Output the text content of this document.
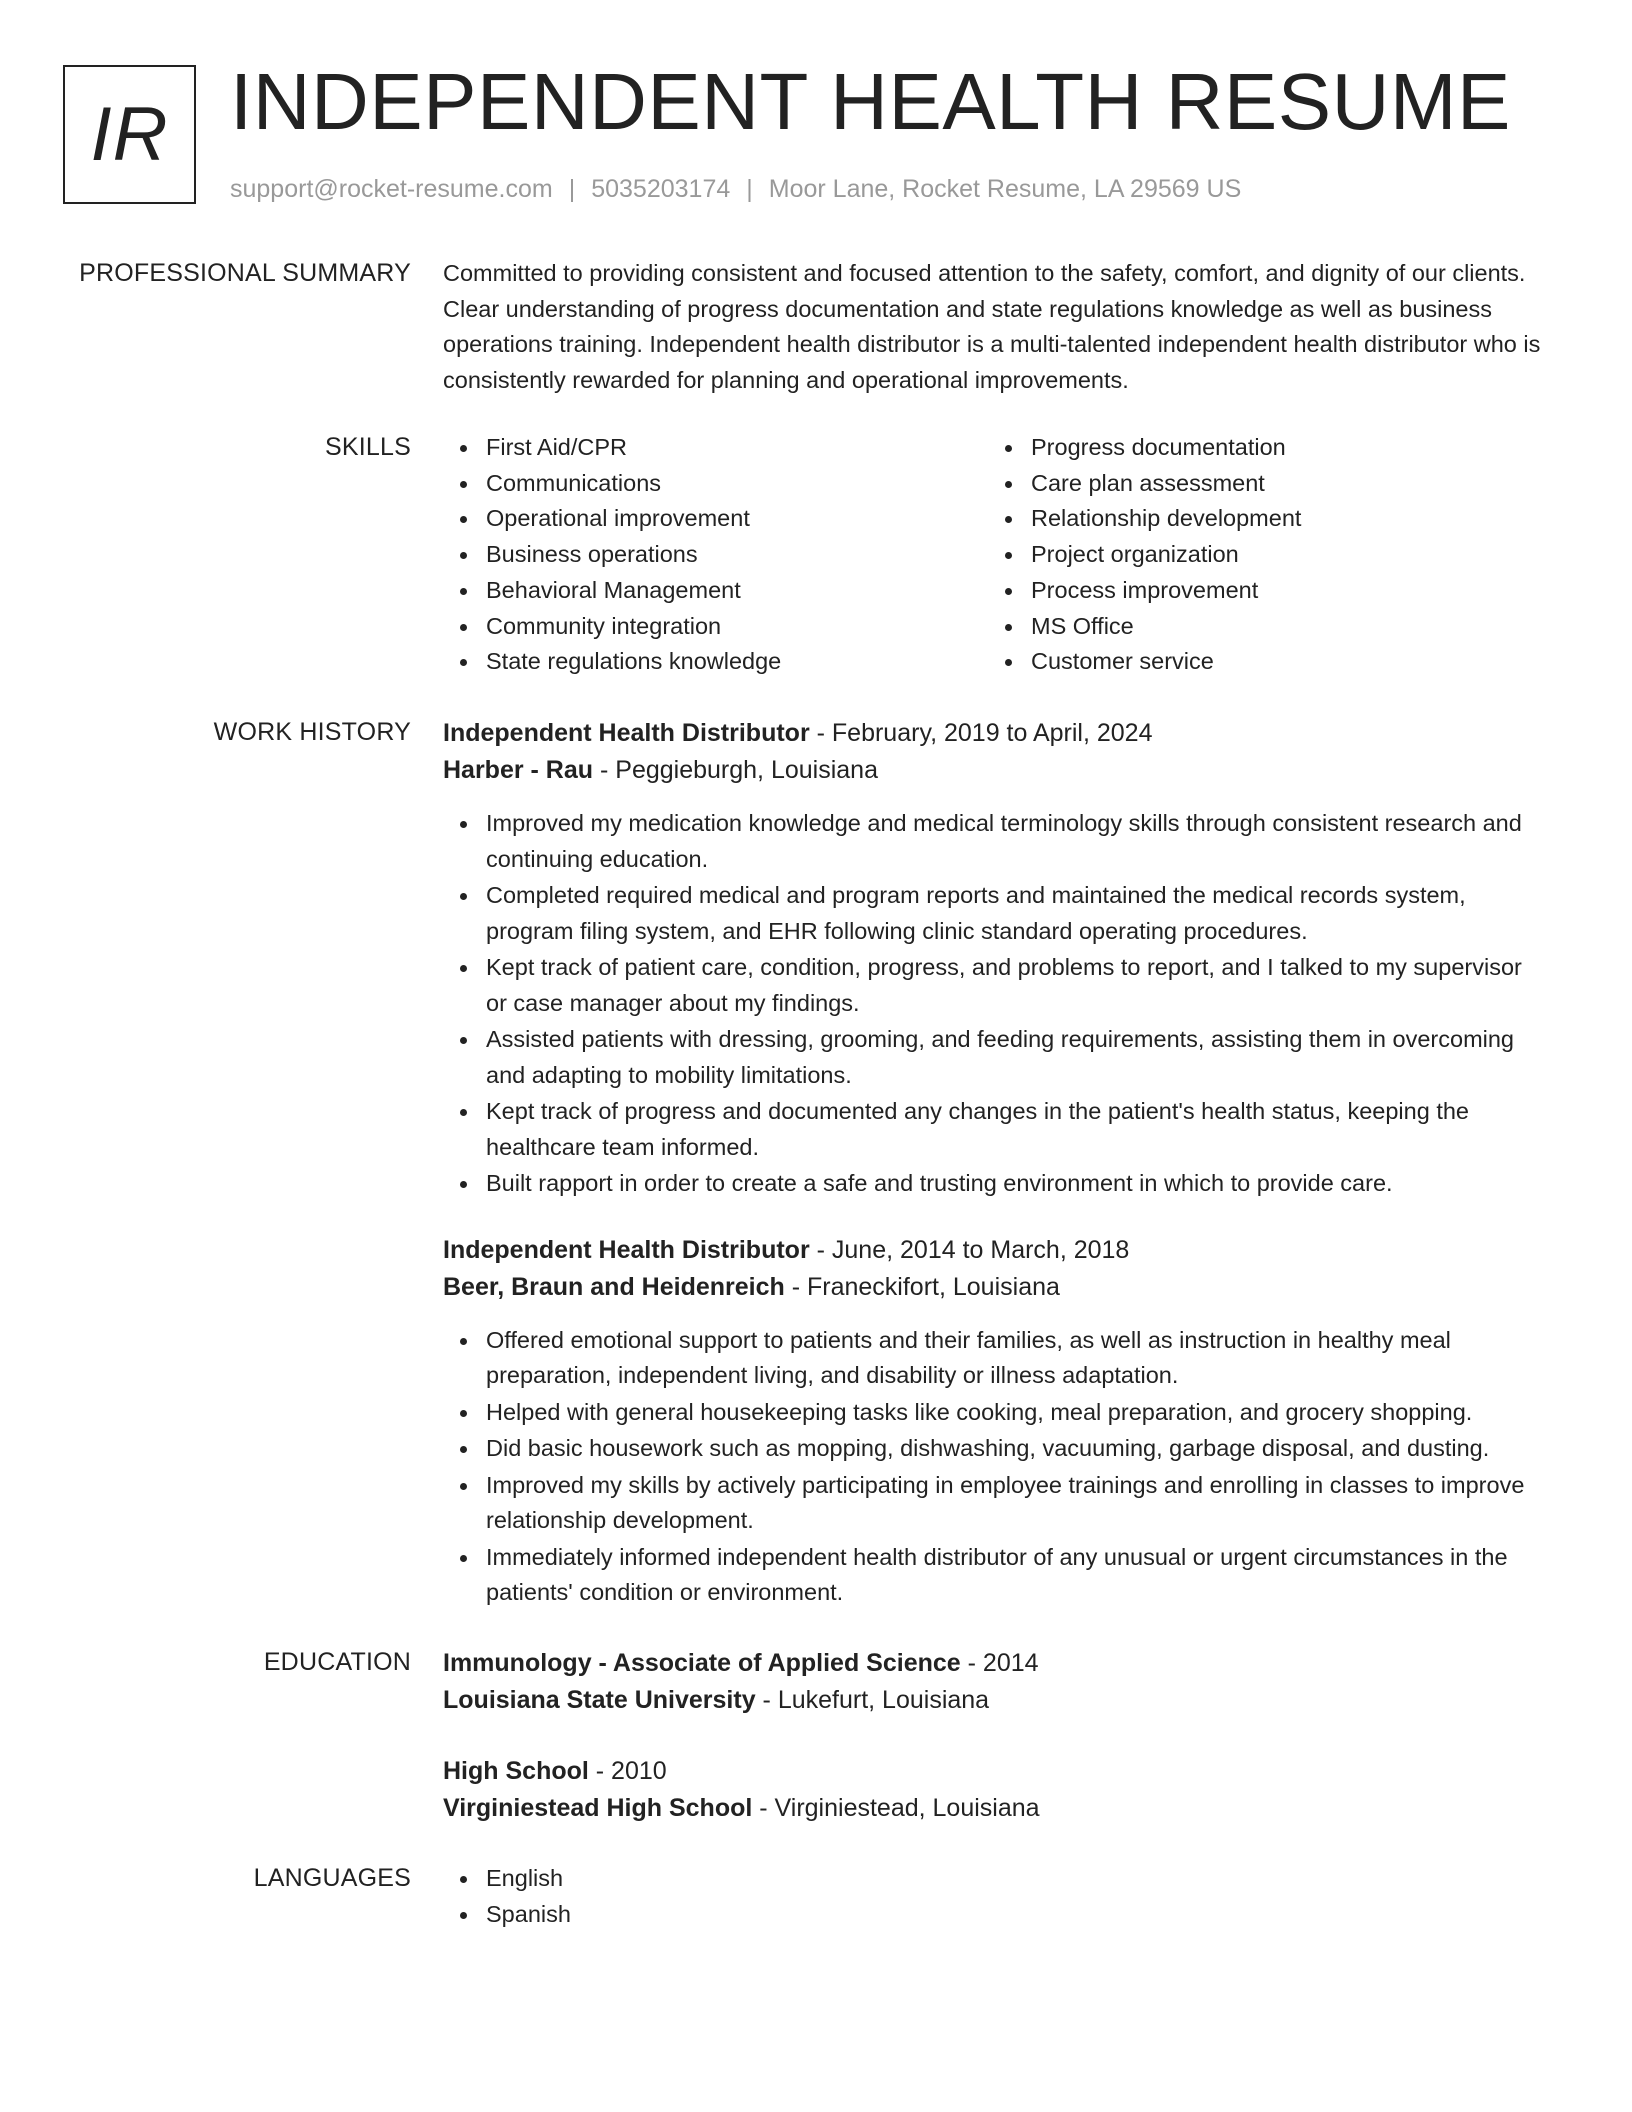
IR INDEPENDENT HEALTH RESUME
support@rocket-resume.com | 5035203174 | Moor Lane, Rocket Resume, LA 29569 US
PROFESSIONAL SUMMARY Committed to providing consistent and focused attention to the safety, comfort, and dignity of our clients. Clear understanding of progress documentation and state regulations knowledge as well as business operations training. Independent health distributor is a multi-talented independent health distributor who is consistently rewarded for planning and operational improvements.

SKILLS	First Aid/CPR
Communications
Operational improvement
Business operations
Behavioral Management
Community integration
State regulations knowledge
Progress documentation
Care plan assessment
Relationship development
Project organization
Process improvement
MS Office
Customer service
WORK HISTORY Independent Health Distributor - February, 2019 to April, 2024
Harber - Rau - Peggieburgh, Louisiana
Improved my medication knowledge and medical terminology skills through consistent research and continuing education.
Completed required medical and program reports and maintained the medical records system, program filing system, and EHR following clinic standard operating procedures.
Kept track of patient care, condition, progress, and problems to report, and I talked to my supervisor or case manager about my findings.
Assisted patients with dressing, grooming, and feeding requirements, assisting them in overcoming and adapting to mobility limitations.
Kept track of progress and documented any changes in the patient's health status, keeping the healthcare team informed.
Built rapport in order to create a safe and trusting environment in which to provide care.
Independent Health Distributor - June, 2014 to March, 2018
Beer, Braun and Heidenreich - Franeckifort, Louisiana
Offered emotional support to patients and their families, as well as instruction in healthy meal preparation, independent living, and disability or illness adaptation.
Helped with general housekeeping tasks like cooking, meal preparation, and grocery shopping.
Did basic housework such as mopping, dishwashing, vacuuming, garbage disposal, and dusting.
Improved my skills by actively participating in employee trainings and enrolling in classes to improve relationship development.
Immediately informed independent health distributor of any unusual or urgent circumstances in the patients' condition or environment.
EDUCATION Immunology - Associate of Applied Science - 2014
Louisiana State University - Lukefurt, Louisiana
High School - 2010
Virginiestead High School - Virginiestead, Louisiana
LANGUAGES	English
Spanish
